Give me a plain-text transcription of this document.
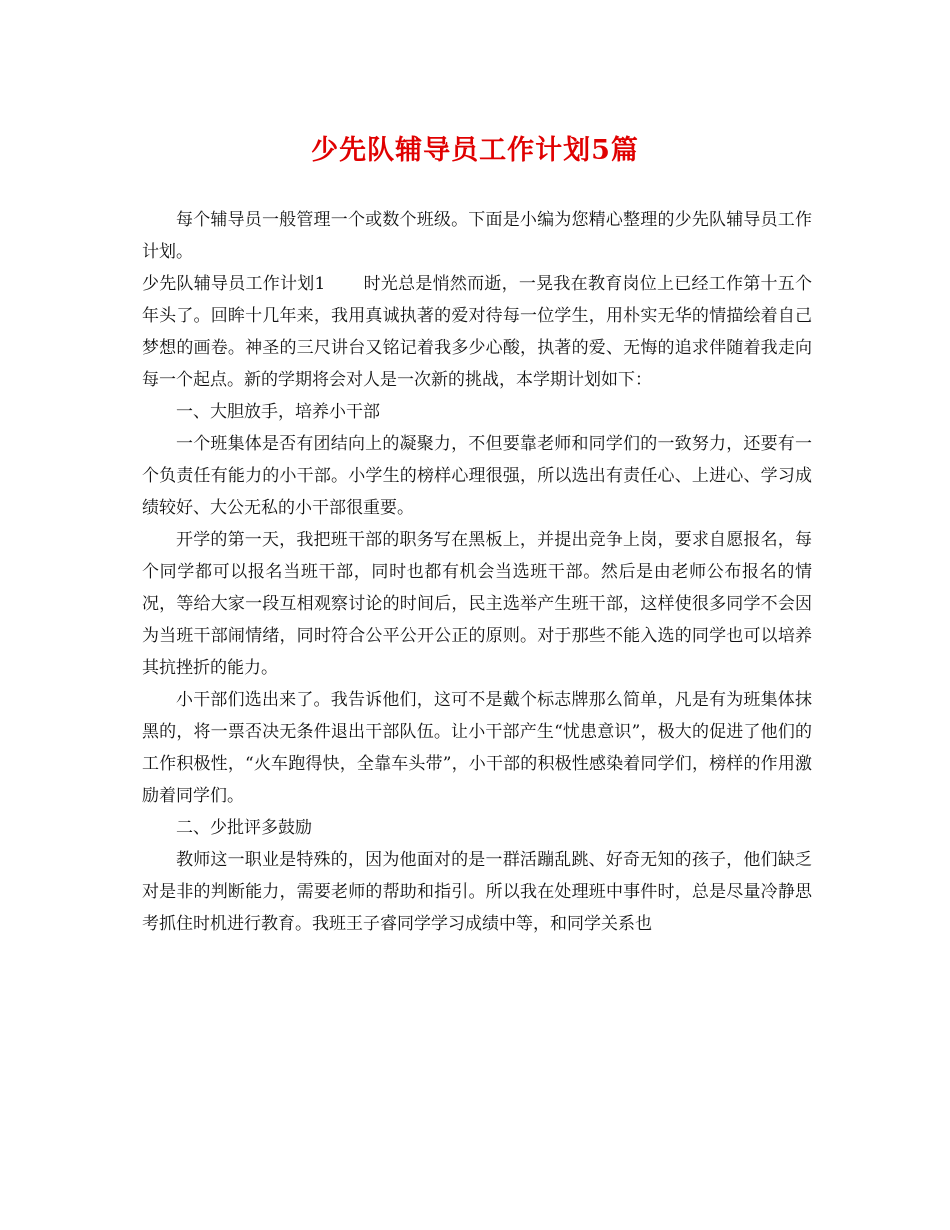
少先队辅导员工作计划5篇

每个辅导员一般管理一个或数个班级。下面是小编为您精心整理的少先队辅导员工作计划。

少先队辅导员工作计划1 时光总是悄然而逝，一晃我在教育岗位上已经工作第十五个年头了。回眸十几年来，我用真诚执著的爱对待每一位学生，用朴实无华的情描绘着自己梦想的画卷。神圣的三尺讲台又铭记着我多少心酸，执著的爱、无悔的追求伴随着我走向每一个起点。新的学期将会对人是一次新的挑战，本学期计划如下：

一、大胆放手，培养小干部

一个班集体是否有团结向上的凝聚力，不但要靠老师和同学们的一致努力，还要有一个负责任有能力的小干部。小学生的榜样心理很强，所以选出有责任心、上进心、学习成绩较好、大公无私的小干部很重要。

开学的第一天，我把班干部的职务写在黑板上，并提出竞争上岗，要求自愿报名，每个同学都可以报名当班干部，同时也都有机会当选班干部。然后是由老师公布报名的情况，等给大家一段互相观察讨论的时间后，民主选举产生班干部，这样使很多同学不会因为当班干部闹情绪，同时符合公平公开公正的原则。对于那些不能入选的同学也可以培养其抗挫折的能力。

小干部们选出来了。我告诉他们，这可不是戴个标志牌那么简单，凡是有为班集体抹黑的，将一票否决无条件退出干部队伍。让小干部产生“忧患意识”，极大的促进了他们的工作积极性，“火车跑得快，全靠车头带”，小干部的积极性感染着同学们，榜样的作用激励着同学们。

二、少批评多鼓励

教师这一职业是特殊的，因为他面对的是一群活蹦乱跳、好奇无知的孩子，他们缺乏对是非的判断能力，需要老师的帮助和指引。所以我在处理班中事件时，总是尽量冷静思考抓住时机进行教育。我班王子睿同学学习成绩中等，和同学关系也
